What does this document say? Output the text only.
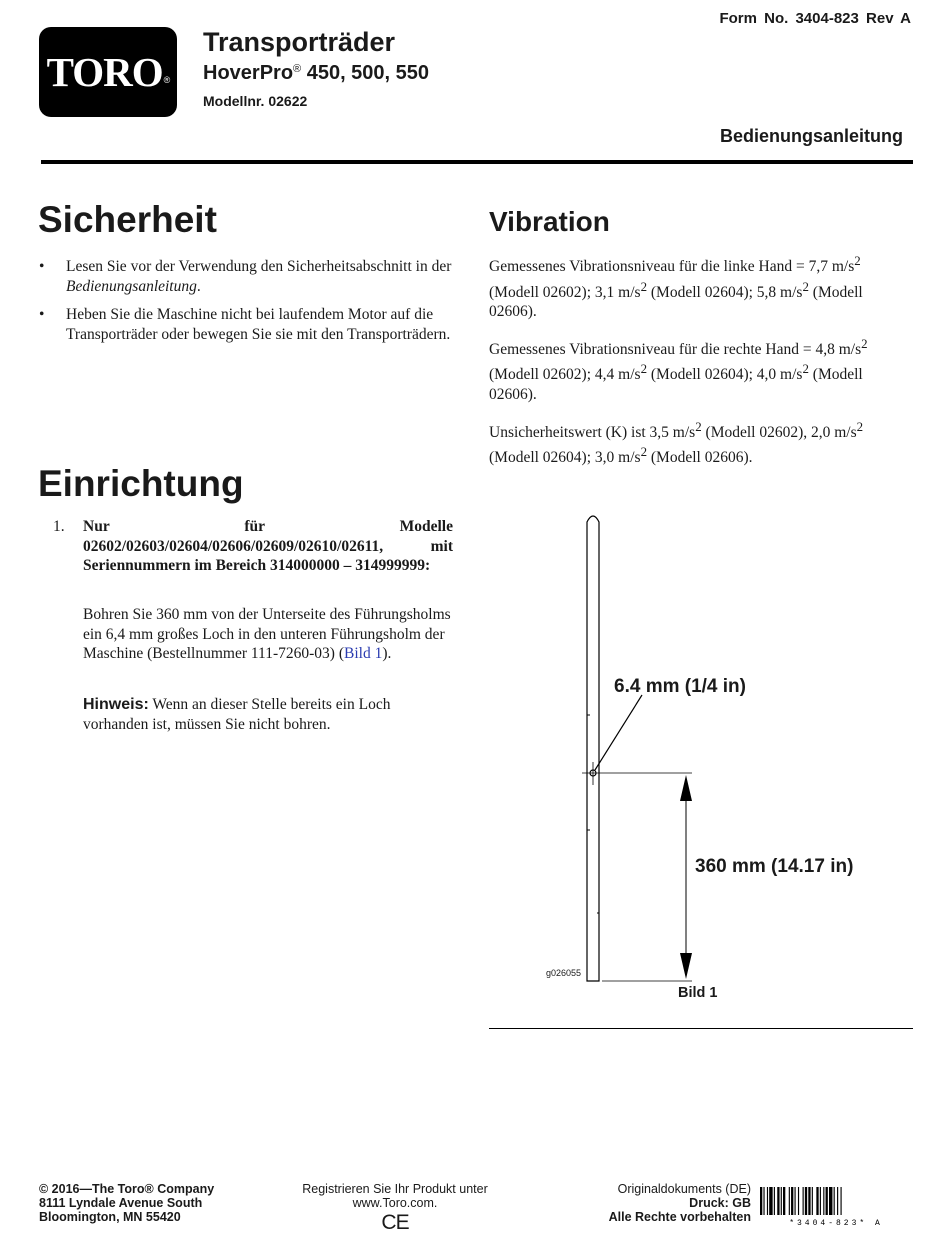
TORO®
Transporträder
HoverPro® 450, 500, 550
Modellnr. 02622
Form No. 3404-823 Rev A
Bedienungsanleitung
Sicherheit
• Lesen Sie vor der Verwendung den Sicherheitsabschnitt in der Bedienungsanleitung.
• Heben Sie die Maschine nicht bei laufendem Motor auf die Transporträder oder bewegen Sie sie mit den Transporträdern.
Vibration

Gemessenes Vibrationsniveau für die linke Hand = 7,7 $m/s^2$ (Modell 02602); 3,1 $m/s^2$ (Modell 02604); 5,8 $m/s^2$ (Modell 02606).

Gemessenes Vibrationsniveau für die rechte Hand = 4,8 $m/s^2$ (Modell 02602); 4,4 $m/s^2$ (Modell 02604); 4,0 $m/s^2$ (Modell 02606).

Unsicherheitswert (K) ist 3,5 $m/s^2$ (Modell 02602), 2,0 $m/s^2$ (Modell 02604); 3,0 $m/s^2$ (Modell 02606).

Einrichtung
1. Nur für Modelle 02602/02603/02604/02606/02609/02610/02611, mit Seriennummern im Bereich 314000000 – 314999999:
Bohren Sie 360 mm von der Unterseite des Führungsholms ein 6,4 mm großes Loch in den unteren Führungsholm der Maschine (Bestellnummer 111-7260-03) (Bild 1).
Hinweis: Wenn an dieser Stelle bereits ein Loch vorhanden ist, müssen Sie nicht bohren.
6.4 mm (1/4 in)
360 mm (14.17 in)
g026055
Bild 1
© 2016—The Toro® Company
8111 Lyndale Avenue South
Bloomington, MN 55420
Registrieren Sie Ihr Produkt unter
www.Toro.com.
CE
Originaldokuments (DE)
Druck: GB
Alle Rechte vorbehalten	*3404-823* A
